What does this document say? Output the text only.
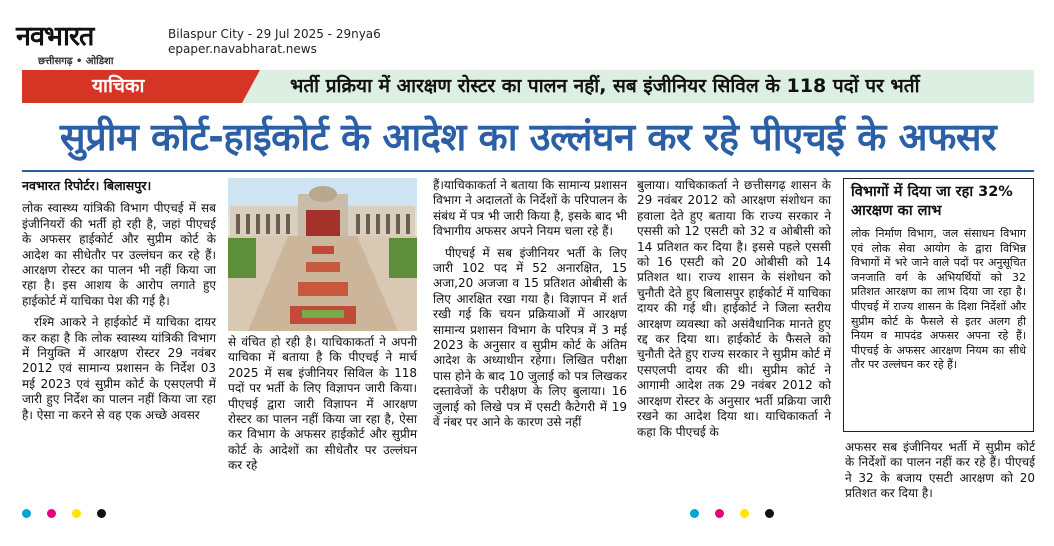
नवभारत
छत्तीसगढ़ • ओडिशा
Bilaspur City - 29 Jul 2025 - 29nya6
epaper.navabharat.news
याचिका	भर्ती प्रक्रिया में आरक्षण रोस्टर का पालन नहीं, सब इंजीनियर सिविल के 118 पदों पर भर्ती
सुप्रीम कोर्ट-हाईकोर्ट के आदेश का उल्लंघन कर रहे पीएचई के अफसर

नवभारत रिपोर्टर। बिलासपुर।

लोक स्वास्थ्य यांत्रिकी विभाग पीएचई में सब इंजीनियरों की भर्ती हो रही है, जहां पीएचई के अफसर हाईकोर्ट और सुप्रीम कोर्ट के आदेश का सीधेतौर पर उल्लंघन कर रहे हैं।आरक्षण रोस्टर का पालन भी नहीं किया जा रहा है। इस आशय के आरोप लगाते हुए हाईकोर्ट में याचिका पेश की गई है।

रश्मि आकरे ने हाईकोर्ट में याचिका दायर कर कहा है कि लोक स्वास्थ्य यांत्रिकी विभाग में नियुक्ति में आरक्षण रोस्टर 29 नवंबर 2012 एवं सामान्य प्रशासन के निर्देश 03 मई 2023 एवं सुप्रीम कोर्ट के एसएलपी में जारी हुए निर्देश का पालन नहीं किया जा रहा है। ऐसा ना करने से वह एक अच्छे अवसर

से वंचित हो रही है। याचिकाकर्ता ने अपनी याचिका में बताया है कि पीएचई ने मार्च 2025 में सब इंजीनियर सिविल के 118 पदों पर भर्ती के लिए विज्ञापन जारी किया। पीएचई द्वारा जारी विज्ञापन में आरक्षण रोस्टर का पालन नहीं किया जा रहा है, ऐसा कर विभाग के अफसर हाईकोर्ट और सुप्रीम कोर्ट के आदेशों का सीधेतौर पर उल्लंघन कर रहे

हैं।याचिकाकर्ता ने बताया कि सामान्य प्रशासन विभाग ने अदालतों के निर्देशों के परिपालन के संबंध में पत्र भी जारी किया है, इसके बाद भी विभागीय अफसर अपने नियम चला रहे हैं।

पीएचई में सब इंजीनियर भर्ती के लिए जारी 102 पद में 52 अनारक्षित, 15 अजा,20 अजजा व 15 प्रतिशत ओबीसी के लिए आरक्षित रखा गया है। विज्ञापन में शर्त रखी गई कि चयन प्रक्रियाओं में आरक्षण सामान्य प्रशासन विभाग के परिपत्र में 3 मई 2023 के अनुसार व सुप्रीम कोर्ट के अंतिम आदेश के अध्याधीन रहेगा। लिखित परीक्षा पास होने के बाद 10 जुलाई को पत्र लिखकर दस्तावेजों के परीक्षण के लिए बुलाया। 16 जुलाई को लिखे पत्र में एसटी कैटेगरी में 19 वें नंबर पर आने के कारण उसे नहीं

बुलाया। याचिकाकर्ता ने छत्तीसगढ़ शासन के 29 नवंबर 2012 को आरक्षण संशोधन का हवाला देते हुए बताया कि राज्य सरकार ने एससी को 12 एसटी को 32 व ओबीसी को 14 प्रतिशत कर दिया है। इससे पहले एससी को 16 एसटी को 20 ओबीसी को 14 प्रतिशत था। राज्य शासन के संशोधन को चुनौती देते हुए बिलासपुर हाईकोर्ट में याचिका दायर की गई थी। हाईकोर्ट ने जिला स्तरीय आरक्षण व्यवस्था को असंवैधानिक मानते हुए रद्द कर दिया था। हाईकोर्ट के फैसले को चुनौती देते हुए राज्य सरकार ने सुप्रीम कोर्ट में एसएलपी दायर की थी। सुप्रीम कोर्ट ने आगामी आदेश तक 29 नवंबर 2012 को आरक्षण रोस्टर के अनुसार भर्ती प्रक्रिया जारी रखने का आदेश दिया था। याचिकाकर्ता ने कहा कि पीएचई के

विभागों में दिया जा रहा 32% आरक्षण का लाभ
लोक निर्माण विभाग, जल संसाधन विभाग एवं लोक सेवा आयोग के द्वारा विभिन्न विभागों में भरे जाने वाले पदों पर अनुसूचित जनजाति वर्ग के अभियर्थियों को 32 प्रतिशत आरक्षण का लाभ दिया जा रहा है। पीएचई में राज्य शासन के दिशा निर्देशों और सुप्रीम कोर्ट के फैसले से इतर अलग ही नियम व मापदंड अफसर अपना रहे हैं। पीएचई के अफसर आरक्षण नियम का सीधे तौर पर उल्लंघन कर रहे हैं।
अफसर सब इंजीनियर भर्ती में सुप्रीम कोर्ट के निर्देशों का पालन नहीं कर रहे हैं। पीएचई ने 32 के बजाय एसटी आरक्षण को 20 प्रतिशत कर दिया है।
